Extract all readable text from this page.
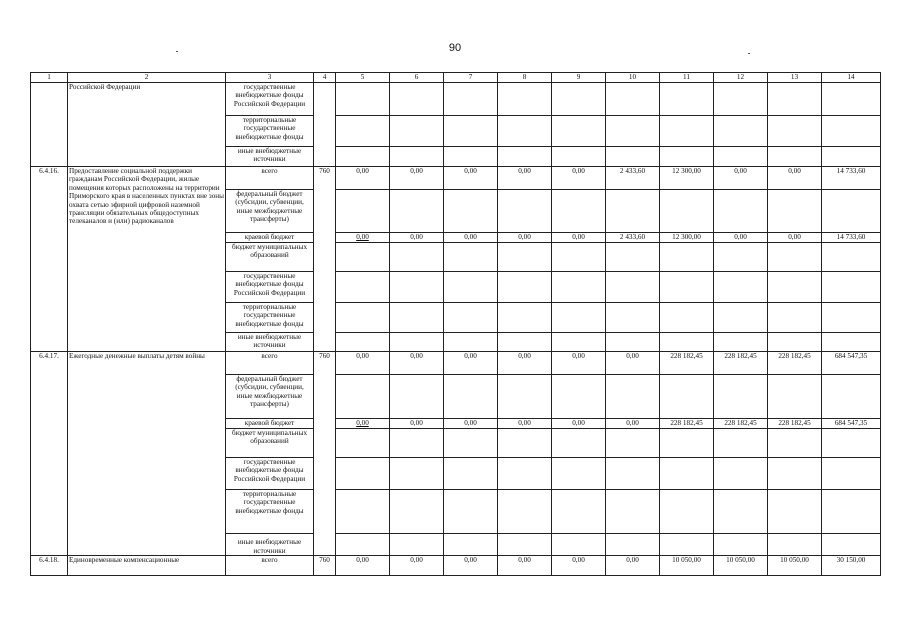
90
1	2	3	4	5	6	7	8	9	10	11	12	13	14
	Российской Федерации	государственные внебюджетные фонды Российской Федерации											
		территориальные государственные внебюджетные фонды											
		иные внебюджетные источники											
6.4.16.	Предоставление социальной поддержки гражданам Российской Федерации, жилые помещения которых расположены на территории Приморского края в населенных пунктах вне зоны охвата сетью эфирной цифровой наземной трансляции обязательных общедоступных телеканалов и (или) радиоканалов	всего	760	0,00	0,00	0,00	0,00	0,00	2 433,60	12 300,00	0,00	0,00	14 733,60
		федеральный бюджет (субсидии, субвенции, иные межбюджетные трансферты)											
		краевой бюджет		0,00	0,00	0,00	0,00	0,00	2 433,60	12 300,00	0,00	0,00	14 733,60
		бюджет муниципальных образований											
		государственные внебюджетные фонды Российской Федерации											
		территориальные государственные внебюджетные фонды											
		иные внебюджетные источники											
6.4.17.	Ежегодные денежные выплаты детям войны	всего	760	0,00	0,00	0,00	0,00	0,00	0,00	228 182,45	228 182,45	228 182,45	684 547,35
		федеральный бюджет (субсидии, субвенции, иные межбюджетные трансферты)											
		краевой бюджет		0,00	0,00	0,00	0,00	0,00	0,00	228 182,45	228 182,45	228 182,45	684 547,35
		бюджет муниципальных образований											
		государственные внебюджетные фонды Российской Федерации											
		территориальные государственные внебюджетные фонды											
		иные внебюджетные источники											
6.4.18.	Единовременные компенсационные	всего	760	0,00	0,00	0,00	0,00	0,00	0,00	10 050,00	10 050,00	10 050,00	30 150,00
